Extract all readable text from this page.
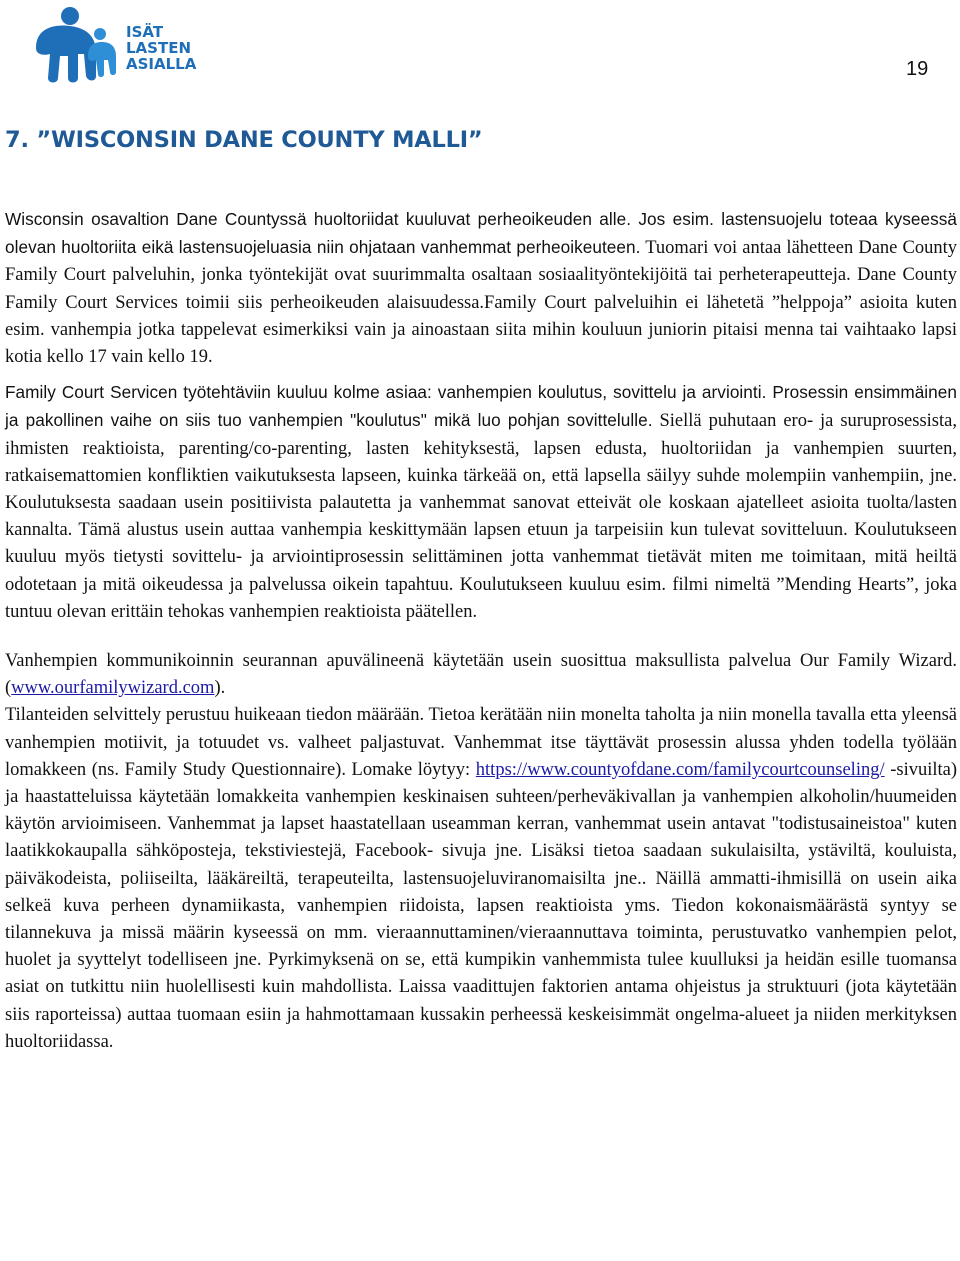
ISÄT
LASTEN
ASIALLA	19
7. ”WISCONSIN DANE COUNTY MALLI”

Wisconsin osavaltion Dane Countyssä huoltoriidat kuuluvat perheoikeuden alle. Jos esim. lastensuojelu toteaa kyseessä olevan huoltoriita eikä lastensuojeluasia niin ohjataan vanhemmat perheoikeuteen. Tuomari voi antaa lähetteen Dane County Family Court palveluhin, jonka työntekijät ovat suurimmalta osaltaan sosiaalityöntekijöitä tai perheterapeutteja. Dane County Family Court Services toimii siis perheoikeuden alaisuudessa.Family Court palveluihin ei lähetetä ”helppoja” asioita kuten esim. vanhempia jotka tappelevat esimerkiksi vain ja ainoastaan siita mihin kouluun juniorin pitaisi menna tai vaihtaako lapsi kotia kello 17 vain kello 19.

Family Court Servicen työtehtäviin kuuluu kolme asiaa: vanhempien koulutus, sovittelu ja arviointi. Prosessin ensimmäinen ja pakollinen vaihe on siis tuo vanhempien "koulutus" mikä luo pohjan sovittelulle. Siellä puhutaan ero- ja suruprosessista, ihmisten reaktioista, parenting/co-parenting, lasten kehityksestä, lapsen edusta, huoltoriidan ja vanhempien suurten, ratkaisemattomien konfliktien vaikutuksesta lapseen, kuinka tärkeää on, että lapsella säilyy suhde molempiin vanhempiin, jne. Koulutuksesta saadaan usein positiivista palautetta ja vanhemmat sanovat etteivät ole koskaan ajatelleet asioita tuolta/lasten kannalta. Tämä alustus usein auttaa vanhempia keskittymään lapsen etuun ja tarpeisiin kun tulevat sovitteluun. Koulutukseen kuuluu myös tietysti sovittelu- ja arviointiprosessin selittäminen jotta vanhemmat tietävät miten me toimitaan, mitä heiltä odotetaan ja mitä oikeudessa ja palvelussa oikein tapahtuu. Koulutukseen kuuluu esim. filmi nimeltä ”Mending Hearts”, joka tuntuu olevan erittäin tehokas vanhempien reaktioista päätellen.

Vanhempien kommunikoinnin seurannan apuvälineenä käytetään usein suosittua maksullista palvelua Our Family Wizard. (www.ourfamilywizard.com).

Tilanteiden selvittely perustuu huikeaan tiedon määrään. Tietoa kerätään niin monelta taholta ja niin monella tavalla etta yleensä vanhempien motiivit, ja totuudet vs. valheet paljastuvat. Vanhemmat itse täyttävät prosessin alussa yhden todella työlään lomakkeen (ns. Family Study Questionnaire). Lomake löytyy: https://www.countyofdane.com/familycourtcounseling/ -sivuilta) ja haastatteluissa käytetään lomakkeita vanhempien keskinaisen suhteen/perheväkivallan ja vanhempien alkoholin/huumeiden käytön arvioimiseen. Vanhemmat ja lapset haastatellaan useamman kerran, vanhemmat usein antavat "todistusaineistoa" kuten laatikkokaupalla sähköposteja, tekstiviestejä, Facebook- sivuja jne. Lisäksi tietoa saadaan sukulaisilta, ystäviltä, kouluista, päiväkodeista, poliiseilta, lääkäreiltä, terapeuteilta, lastensuojeluviranomaisilta jne.. Näillä ammatti-ihmisillä on usein aika selkeä kuva perheen dynamiikasta, vanhempien riidoista, lapsen reaktioista yms. Tiedon kokonaismäärästä syntyy se tilannekuva ja missä määrin kyseessä on mm. vieraannuttaminen/vieraannuttava toiminta, perustuvatko vanhempien pelot, huolet ja syyttelyt todelliseen jne. Pyrkimyksenä on se, että kumpikin vanhemmista tulee kuulluksi ja heidän esille tuomansa asiat on tutkittu niin huolellisesti kuin mahdollista. Laissa vaadittujen faktorien antama ohjeistus ja struktuuri (jota käytetään siis raporteissa) auttaa tuomaan esiin ja hahmottamaan kussakin perheessä keskeisimmät ongelma-alueet ja niiden merkityksen huoltoriidassa.
